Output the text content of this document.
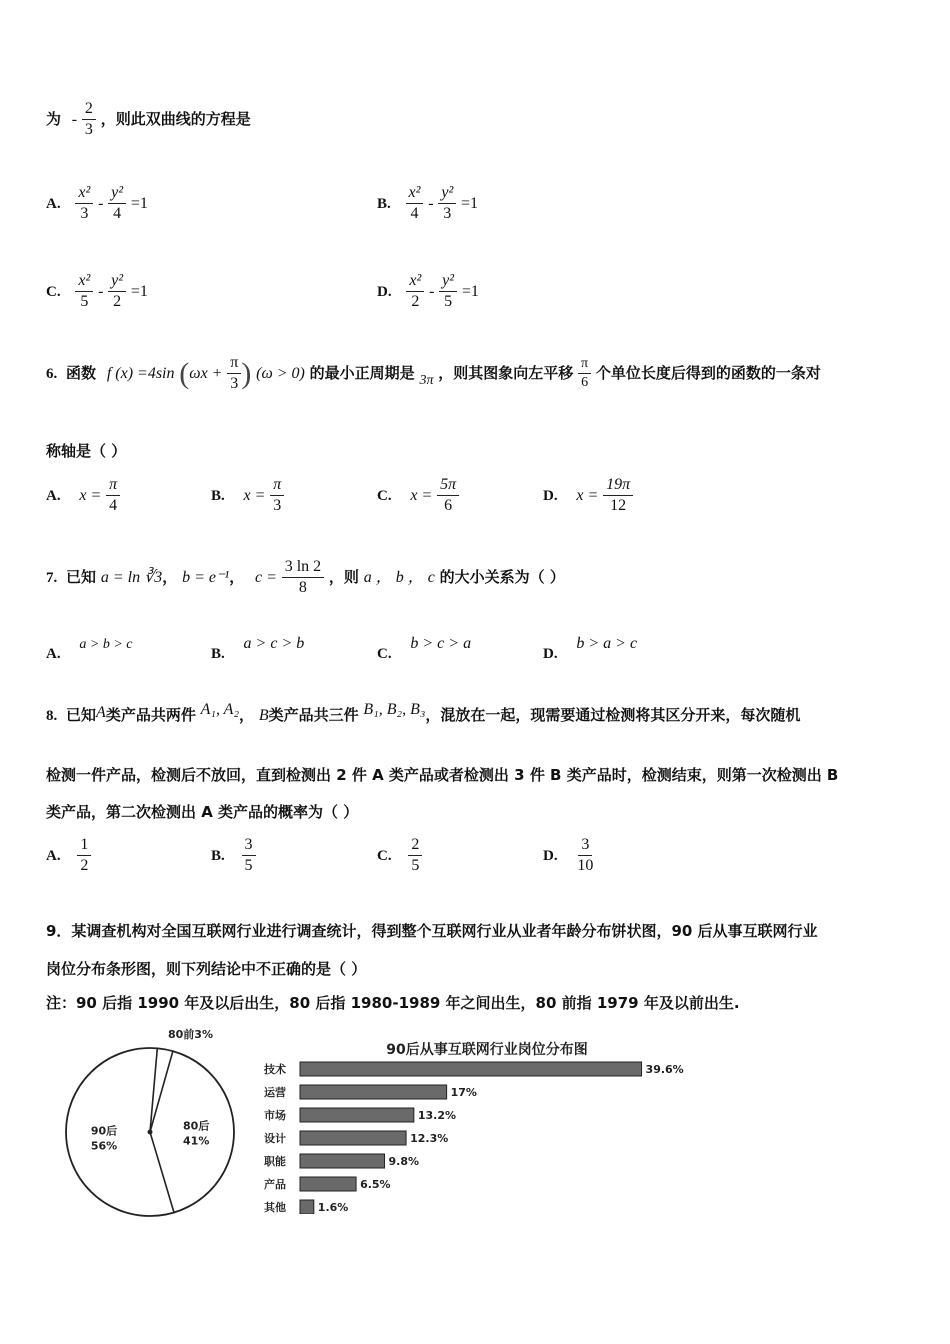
为 - $\frac{2}{3}$ ，则此双曲线的方程是
A. $\frac{\text{x²}}{3} - \frac{\text{y²}}{4} =1$	B. $\frac{\text{x²}}{4} - \frac{\text{y²}}{3} =1$
C. $\frac{\text{x²}}{5} - \frac{\text{y²}}{2} =1$	D. $\frac{\text{x²}}{2} - \frac{\text{y²}}{5} =1$
6. 函数 f (x) =4sin ($\omega x + \frac{\pi}{3}$ ) (ω > 0) 的最小正周期是 3π ，则其图象向左平移 $\frac{\pi}{6}$ 个单位长度后得到的函数的一条对
称轴是（ ）
A. $x = \frac{\pi}{4}$	B. $x = \frac{\pi}{3}$	C. $x = \frac{5\pi}{6}$	D. $x = \frac{19\pi}{12}$
7. 已知 a = ln ∛3， b = e⁻¹， $c = \frac{3 \ln 2}{8}$ ，则 a ， b ， c 的大小关系为（ ）
A. a > b > c
B. a > c > b
C. b > c > a
D. b > a > c
8. 已知A类产品共两件 A₁, A₂， B类产品共三件 B₁, B₂, B₃，混放在一起，现需要通过检测将其区分开来，每次随机
检测一件产品，检测后不放回，直到检测出 2 件 A 类产品或者检测出 3 件 B 类产品时，检测结束，则第一次检测出 B
类产品，第二次检测出 A 类产品的概率为（ ）
A. $\frac{1}{2}$	B. $\frac{3}{5}$	C. $\frac{2}{5}$	D. $\frac{3}{10}$
9．某调查机构对全国互联网行业进行调查统计，得到整个互联网行业从业者年龄分布饼状图，90 后从事互联网行业
岗位分布条形图，则下列结论中不正确的是（ ）
注：90 后指 1990 年及以后出生，80 后指 1980-1989 年之间出生，80 前指 1979 年及以前出生.
80后
41%
90后
56%
80前3%
90后从事互联网行业岗位分布图
技术	39.6%
运营	17%
市场	13.2%
设计	12.3%
职能	9.8%
产品	6.5%
其他	1.6%
